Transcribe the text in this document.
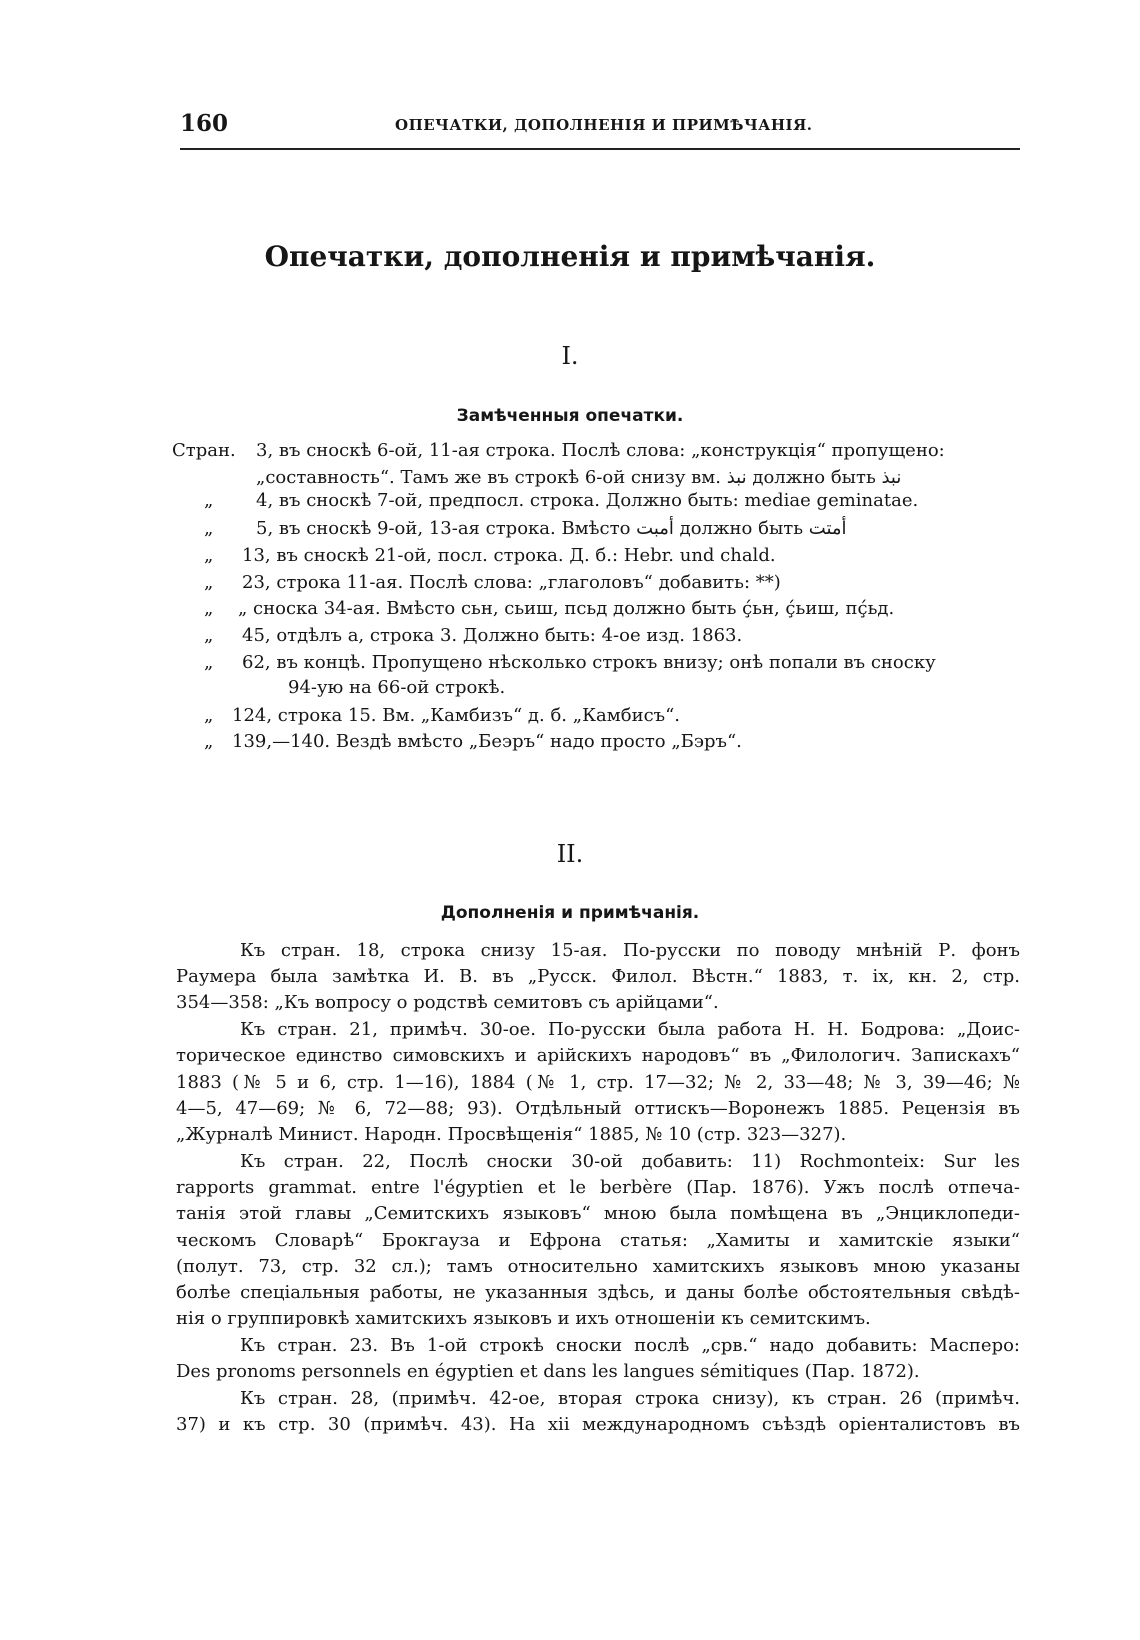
160	ОПЕЧАТКИ, ДОПОЛНЕНІЯ И ПРИМѢЧАНІЯ.
Опечатки, дополненія и примѣчанія.
I.
Замѣченныя опечатки.
Стран. 3, въ сноскѣ 6-ой, 11-ая строка. Послѣ слова: „конструкція“ пропущено:
„составность“. Тамъ же въ строкѣ 6-ой снизу вм. نبذ должно быть نبذ
„ 4, въ сноскѣ 7-ой, предпосл. строка. Должно быть: mediae geminatae.
„ 5, въ сноскѣ 9-ой, 13-ая строка. Вмѣсто أمبت должно быть أمتت
„ 13, въ сноскѣ 21-ой, посл. строка. Д. б.: Hebr. und chald.
„ 23, строка 11-ая. Послѣ слова: „глаголовъ“ добавить: **)
„ „ сноска 34-ая. Вмѣсто сьн, сьиш, псьд должно быть ḉьн, ḉьиш, пḉьд.
„ 45, отдѣлъ a, строка 3. Должно быть: 4-ое изд. 1863.
„ 62, въ концѣ. Пропущено нѣсколько строкъ внизу; онѣ попали въ сноску
94-ую на 66-ой строкѣ.
„ 124, строка 15. Вм. „Камбизъ“ д. б. „Камбисъ“.
„ 139,—140. Вездѣ вмѣсто „Беэръ“ надо просто „Бэръ“.
II.
Дополненія и примѣчанія.
Къ стран. 18, строка снизу 15-ая. По-русски по поводу мнѣній Р. фонъ
Раумера была замѣтка И. В. въ „Русск. Филол. Вѣстн.“ 1883, т. ix, кн. 2, стр.
354—358: „Къ вопросу о родствѣ семитовъ съ арійцами“.
Къ стран. 21, примѣч. 30-ое. По-русски была работа Н. Н. Бодрова: „Доис-
торическое единство симовскихъ и арійскихъ народовъ“ въ „Филологич. Запискахъ“
1883 (№ 5 и 6, стр. 1—16), 1884 (№ 1, стр. 17—32; № 2, 33—48; № 3, 39—46; №
4—5, 47—69; № 6, 72—88; 93). Отдѣльный оттискъ—Воронежъ 1885. Рецензія въ
„Журналѣ Минист. Народн. Просвѣщенія“ 1885, № 10 (стр. 323—327).
Къ стран. 22, Послѣ сноски 30-ой добавить: 11) Rochmonteix: Sur les
rapports grammat. entre l'égyptien et le berbère (Пар. 1876). Ужъ послѣ отпеча-
танія этой главы „Семитскихъ языковъ“ мною была помѣщена въ „Энциклопеди-
ческомъ Словарѣ“ Брокгауза и Ефрона статья: „Хамиты и хамитскіе языки“
(полут. 73, стр. 32 сл.); тамъ относительно хамитскихъ языковъ мною указаны
болѣе спеціальныя работы, не указанныя здѣсь, и даны болѣе обстоятельныя свѣдѣ-
нія о группировкѣ хамитскихъ языковъ и ихъ отношеніи къ семитскимъ.
Къ стран. 23. Въ 1-ой строкѣ сноски послѣ „срв.“ надо добавить: Масперо:
Des pronoms personnels en égyptien et dans les langues sémitiques (Пар. 1872).
Къ стран. 28, (примѣч. 42-ое, вторая строка снизу), къ стран. 26 (примѣч.
37) и къ стр. 30 (примѣч. 43). На xii международномъ съѣздѣ оріенталистовъ въ
